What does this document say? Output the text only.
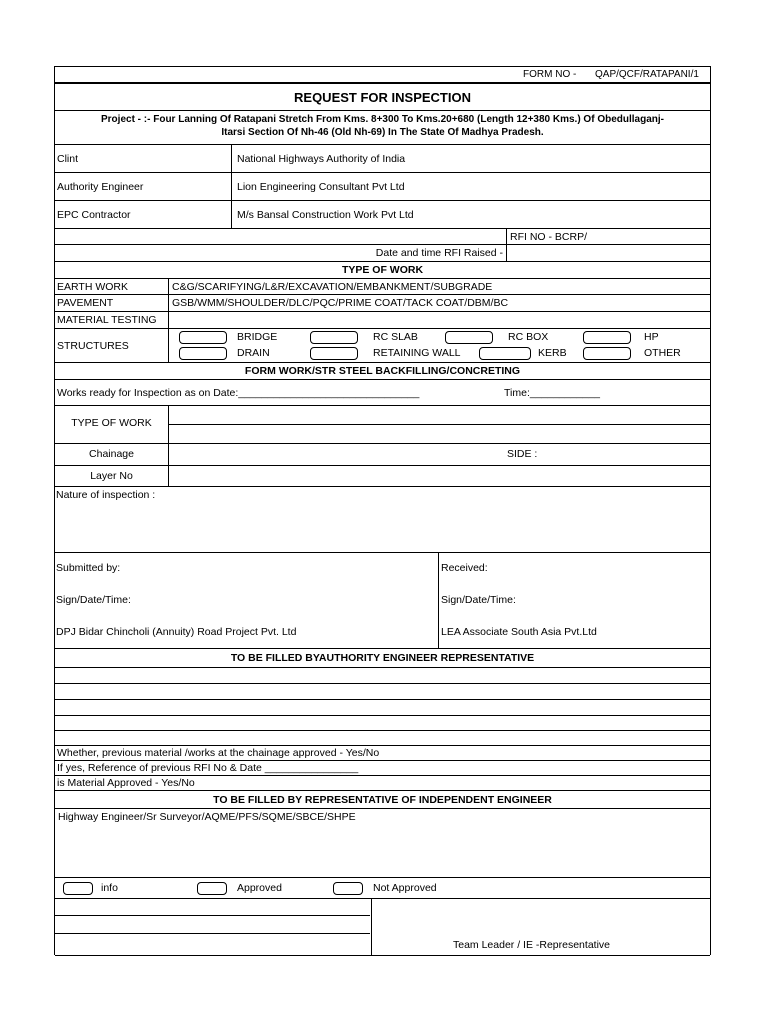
FORM NO - QAP/QCF/RATAPANI/1
REQUEST FOR INSPECTION
Project - :- Four Lanning Of Ratapani Stretch From Kms. 8+300 To Kms.20+680 (Length 12+380 Kms.) Of Obedullaganj-
Itarsi Section Of Nh-46 (Old Nh-69) In The State Of Madhya Pradesh.
Clint	National Highways Authority of India
Authority Engineer	Lion Engineering Consultant Pvt Ltd
EPC Contractor	M/s Bansal Construction Work Pvt Ltd
RFI NO - BCRP/
Date and time RFI Raised -
TYPE OF WORK
EARTH WORK	C&G/SCARIFYING/L&R/EXCAVATION/EMBANKMENT/SUBGRADE
PAVEMENT	GSB/WMM/SHOULDER/DLC/PQC/PRIME COAT/TACK COAT/DBM/BC
MATERIAL TESTING
STRUCTURES
BRIDGE	RC SLAB	RC BOX	HP
DRAIN	RETAINING WALL	KERB	OTHER
FORM WORK/STR STEEL BACKFILLING/CONCRETING
Works ready for Inspection as on Date:_______________________________	Time:____________
TYPE OF WORK
Chainage	SIDE :
Layer No
Nature of inspection :
Submitted by:	Received:
Sign/Date/Time:	Sign/Date/Time:
DPJ Bidar Chincholi (Annuity) Road Project Pvt. Ltd	LEA Associate South Asia Pvt.Ltd
TO BE FILLED BYAUTHORITY ENGINEER REPRESENTATIVE
Whether, previous material /works at the chainage approved - Yes/No
If yes, Reference of previous RFI No & Date ________________
is Material Approved - Yes/No
TO BE FILLED BY REPRESENTATIVE OF INDEPENDENT ENGINEER
Highway Engineer/Sr Surveyor/AQME/PFS/SQME/SBCE/SHPE
info	Approved	Not Approved
Team Leader / IE -Representative
